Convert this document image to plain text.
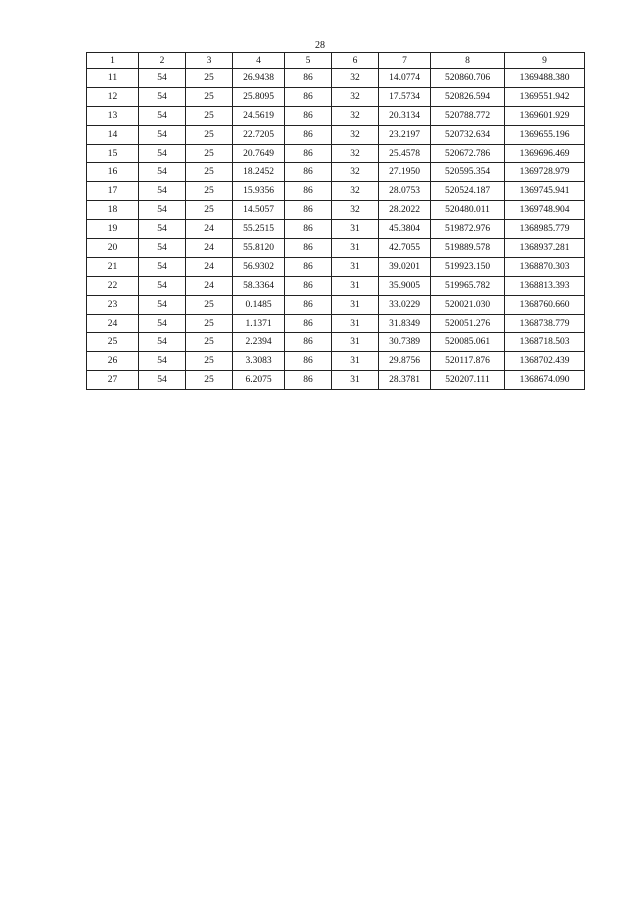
28
1	2	3	4	5	6	7	8	9
11	54	25	26.9438	86	32	14.0774	520860.706	1369488.380
12	54	25	25.8095	86	32	17.5734	520826.594	1369551.942
13	54	25	24.5619	86	32	20.3134	520788.772	1369601.929
14	54	25	22.7205	86	32	23.2197	520732.634	1369655.196
15	54	25	20.7649	86	32	25.4578	520672.786	1369696.469
16	54	25	18.2452	86	32	27.1950	520595.354	1369728.979
17	54	25	15.9356	86	32	28.0753	520524.187	1369745.941
18	54	25	14.5057	86	32	28.2022	520480.011	1369748.904
19	54	24	55.2515	86	31	45.3804	519872.976	1368985.779
20	54	24	55.8120	86	31	42.7055	519889.578	1368937.281
21	54	24	56.9302	86	31	39.0201	519923.150	1368870.303
22	54	24	58.3364	86	31	35.9005	519965.782	1368813.393
23	54	25	0.1485	86	31	33.0229	520021.030	1368760.660
24	54	25	1.1371	86	31	31.8349	520051.276	1368738.779
25	54	25	2.2394	86	31	30.7389	520085.061	1368718.503
26	54	25	3.3083	86	31	29.8756	520117.876	1368702.439
27	54	25	6.2075	86	31	28.3781	520207.111	1368674.090
